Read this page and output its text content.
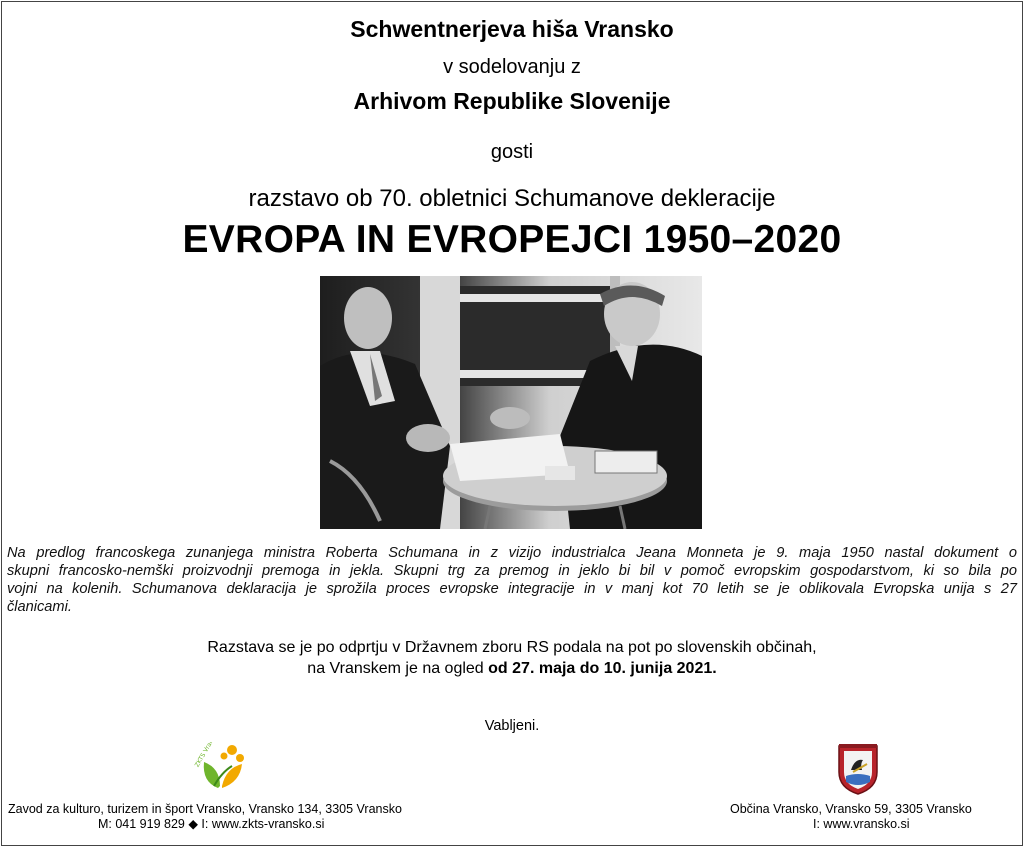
Schwentnerjeva hiša Vransko
v sodelovanju z
Arhivom Republike Slovenije
gosti
razstavo ob 70. obletnici Schumanove dekleracije
EVROPA IN EVROPEJCI 1950–2020

Na predlog francoskega zunanjega ministra Roberta Schumana in z vizijo industrialca Jeana Monneta je 9. maja 1950 nastal dokument o
skupni francosko-nemški proizvodnji premoga in jekla. Skupni trg za premog in jeklo bi bil v pomoč evropskim gospodarstvom, ki so bila po
vojni na kolenih. Schumanova deklaracija je sprožila proces evropske integracije in v manj kot 70 letih se je oblikovala Evropska unija s 27
članicami.

Razstava se je po odprtju v Državnem zboru RS podala na pot po slovenskih občinah,
na Vranskem je na ogled od 27. maja do 10. junija 2021.
Vabljeni.
ZKTS Vransko
Zavod za kulturo, turizem in šport Vransko, Vransko 134, 3305 Vransko
M: 041 919 829 ◆ I: www.zkts-vransko.si
Občina Vransko, Vransko 59, 3305 Vransko
I: www.vransko.si
